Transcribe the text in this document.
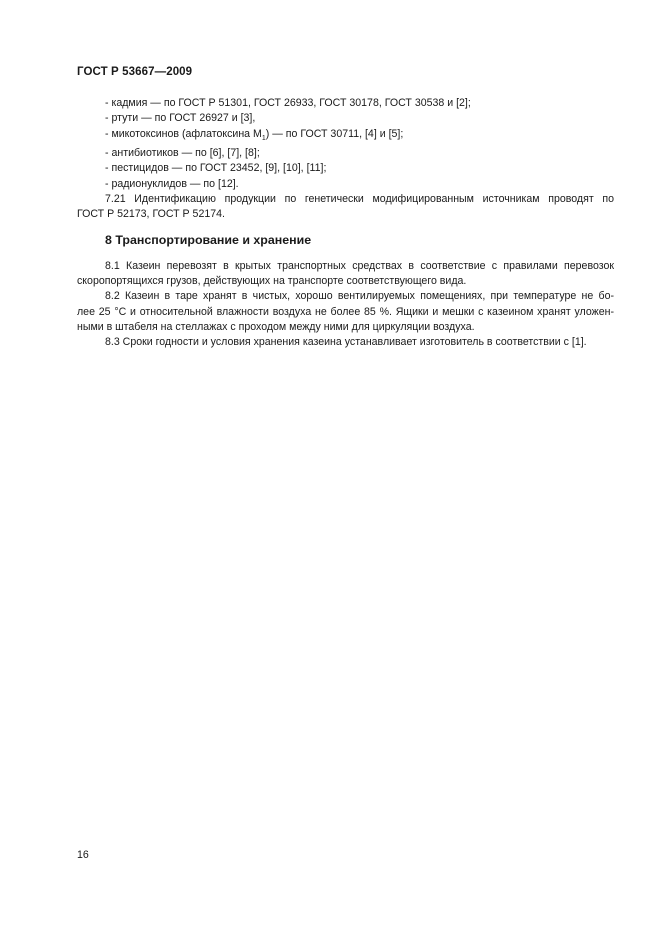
ГОСТ Р 53667—2009
- кадмия — по ГОСТ Р 51301, ГОСТ 26933, ГОСТ 30178, ГОСТ 30538 и [2];
- ртути — по ГОСТ 26927 и [3],
- микотоксинов (афлатоксина $M_1$) — по ГОСТ 30711, [4] и [5];
- антибиотиков — по [6], [7], [8];
- пестицидов — по ГОСТ 23452, [9], [10], [11];
- радионуклидов — по [12].
7.21 Идентификацию продукции по генетически модифицированным источникам проводят по
ГОСТ Р 52173, ГОСТ Р 52174.
8 Транспортирование и хранение
8.1 Казеин перевозят в крытых транспортных средствах в соответствие с правилами перевозок
скоропортящихся грузов, действующих на транспорте соответствующего вида.
8.2 Казеин в таре хранят в чистых, хорошо вентилируемых помещениях, при температуре не бо-
лее 25 °С и относительной влажности воздуха не более 85 %. Ящики и мешки с казеином хранят уложен-
ными в штабеля на стеллажах с проходом между ними для циркуляции воздуха.
8.3 Сроки годности и условия хранения казеина устанавливает изготовитель в соответствии с [1].
16
